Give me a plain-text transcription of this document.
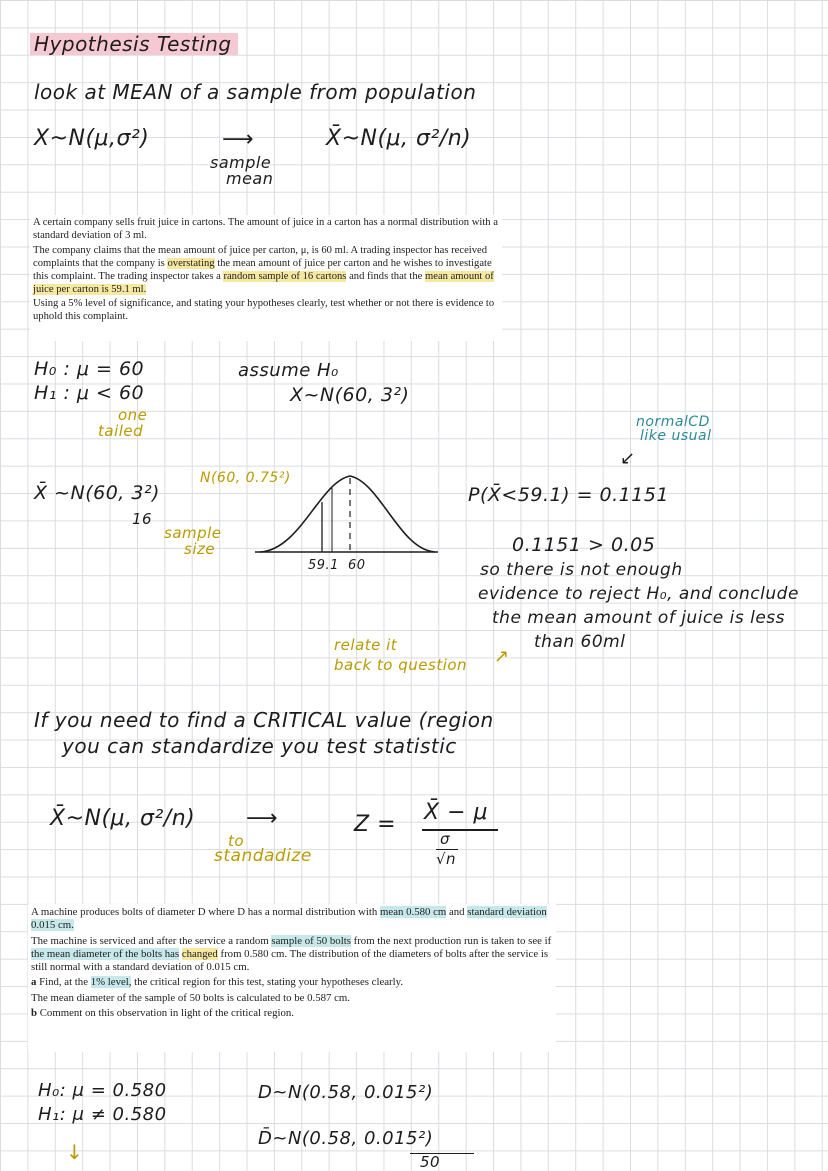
Hypothesis Testing
look at MEAN of a sample from population
X~N(μ,σ²)	⟶	X̄~N(μ, σ²/n)
sample
mean

A certain company sells fruit juice in cartons. The amount of juice in a carton has a normal distribution with a standard deviation of 3 ml.

The company claims that the mean amount of juice per carton, μ, is 60 ml. A trading inspector has received complaints that the company is overstating the mean amount of juice per carton and he wishes to investigate this complaint. The trading inspector takes a random sample of 16 cartons and finds that the mean amount of juice per carton is 59.1 ml.

Using a 5% level of significance, and stating your hypotheses clearly, test whether or not there is evidence to uphold this complaint.

H₀ : μ = 60
H₁ : μ < 60
one
tailed
assume H₀
X~N(60, 3²)
normalCD
like usual
↙
X̄ ~N(60, 3²)
16
sample
size
N(60, 0.75²)
59.1 60
P(X̄<59.1) = 0.1151
0.1151 > 0.05
so there is not enough
evidence to reject H₀, and conclude
the mean amount of juice is less
than 60ml
relate it
back to question ↗
If you need to find a CRITICAL value (region
you can standardize you test statistic
X̄~N(μ, σ²/n) ⟶
to
standadize
Z = X̄ − μ
σ
√n

A machine produces bolts of diameter D where D has a normal distribution with mean 0.580 cm and standard deviation 0.015 cm.

The machine is serviced and after the service a random sample of 50 bolts from the next production run is taken to see if the mean diameter of the bolts has changed from 0.580 cm. The distribution of the diameters of bolts after the service is still normal with a standard deviation of 0.015 cm.

a Find, at the 1% level, the critical region for this test, stating your hypotheses clearly.

The mean diameter of the sample of 50 bolts is calculated to be 0.587 cm.

b Comment on this observation in light of the critical region.

H₀: μ = 0.580
H₁: μ ≠ 0.580
↓
D~N(0.58, 0.015²)
D̄~N(0.58, 0.015²)
50
